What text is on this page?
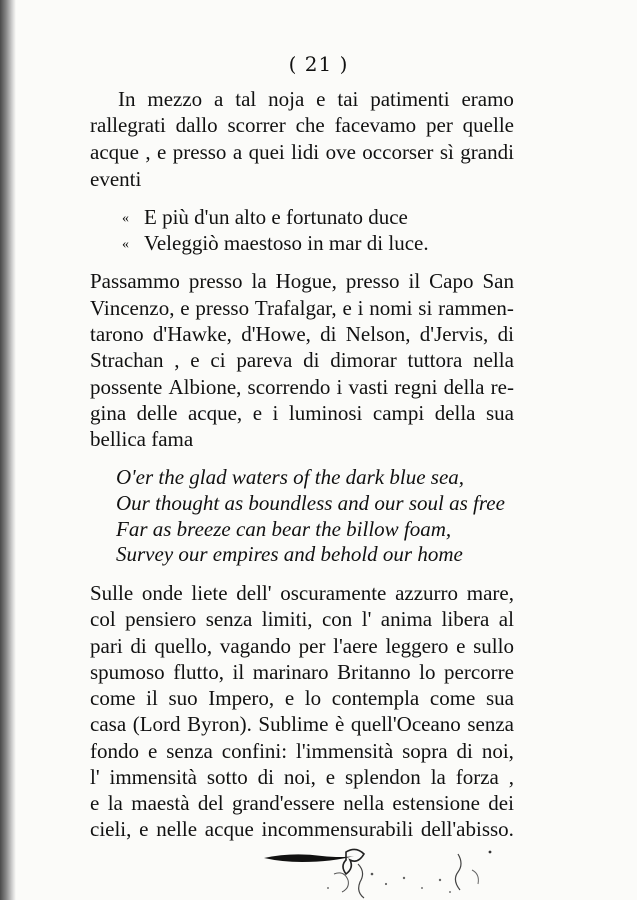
( 21 )
In mezzo a tal noja e tai patimenti eramo
rallegrati dallo scorrer che facevamo per quelle
acque , e presso a quei lidi ove occorser sì grandi
eventi
« E più d'un alto e fortunato duce
« Veleggiò maestoso in mar di luce.
Passammo presso la Hogue, presso il Capo San
Vincenzo, e presso Trafalgar, e i nomi si rammen-
tarono d'Hawke, d'Howe, di Nelson, d'Jervis, di
Strachan , e ci pareva di dimorar tuttora nella
possente Albione, scorrendo i vasti regni della re-
gina delle acque, e i luminosi campi della sua
bellica fama
O'er the glad waters of the dark blue sea,
Our thought as boundless and our soul as free
Far as breeze can bear the billow foam,
Survey our empires and behold our home
Sulle onde liete dell' oscuramente azzurro mare,
col pensiero senza limiti, con l' anima libera al
pari di quello, vagando per l'aere leggero e sullo
spumoso flutto, il marinaro Britanno lo percorre
come il suo Impero, e lo contempla come sua
casa (Lord Byron). Sublime è quell'Oceano senza
fondo e senza confini: l'immensità sopra di noi,
l' immensità sotto di noi, e splendon la forza ,
e la maestà del grand'essere nella estensione dei
cieli, e nelle acque incommensurabili dell'abisso.
